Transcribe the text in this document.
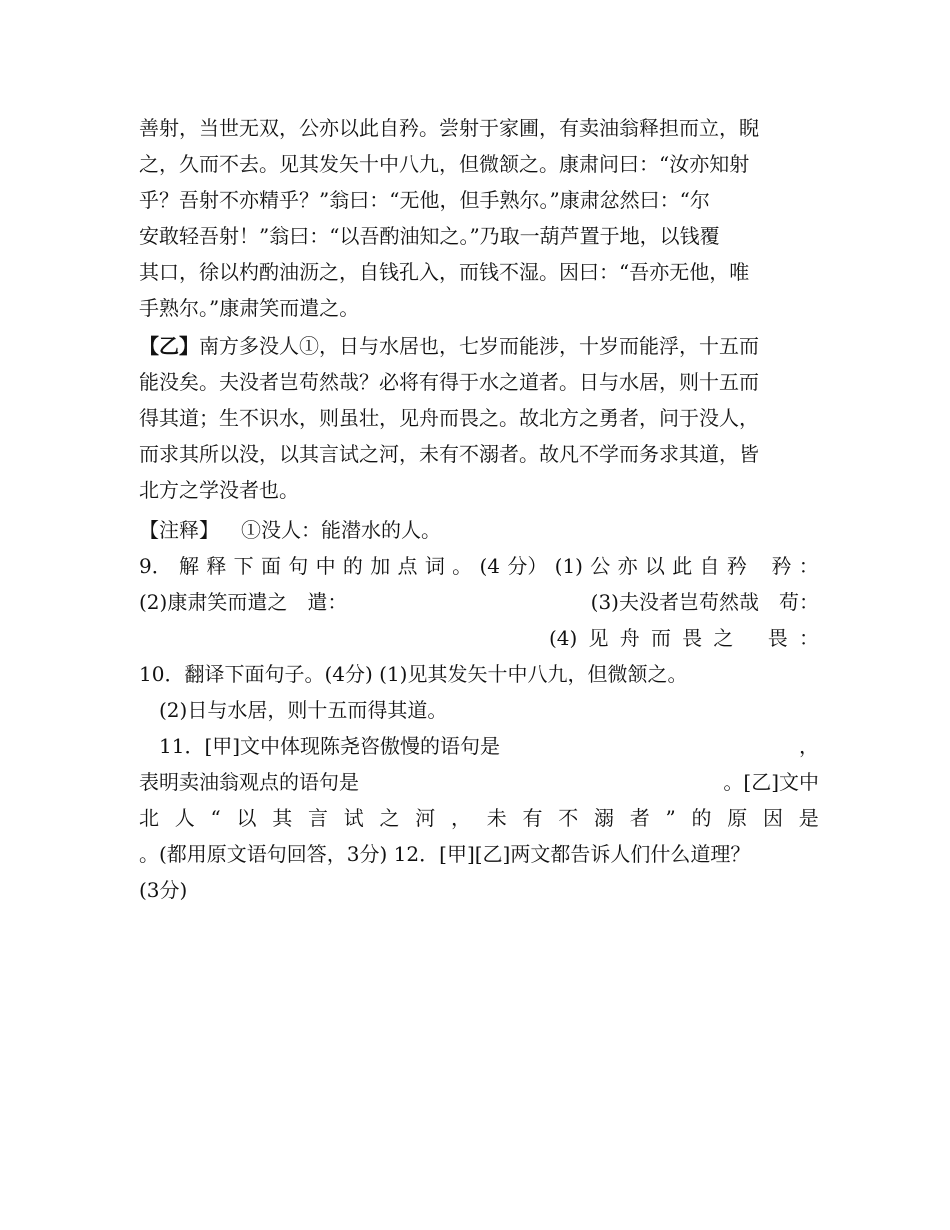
善射，当世无双，公亦以此自矜。尝射于家圃，有卖油翁释担而立，睨
之，久而不去。见其发矢十中八九，但微颔之。康肃问曰：“汝亦知射
乎？吾射不亦精乎？”翁曰：“无他，但手熟尔。”康肃忿然曰：“尔
安敢轻吾射！”翁曰：“以吾酌油知之。”乃取一葫芦置于地，以钱覆
其口，徐以杓酌油沥之，自钱孔入，而钱不湿。因曰：“吾亦无他，唯
手熟尔。”康肃笑而遣之。
【乙】南方多没人①，日与水居也，七岁而能涉，十岁而能浮，十五而
能没矣。夫没者岂苟然哉？必将有得于水之道者。日与水居，则十五而
得其道；生不识水，则虽壮，见舟而畏之。故北方之勇者，问于没人，
而求其所以没，以其言试之河，未有不溺者。故凡不学而务求其道，皆
北方之学没者也。
【注释】 ①没人：能潜水的人。
9． 解 释 下 面 句 中 的 加 点 词 。 (4 分） (1) 公 亦 以 此 自 矜 矜 ：
(2)康肃笑而遣之　遣：	(3)夫没者岂苟然哉　苟：
(4) 见 舟 而 畏 之 畏 ：
10．翻译下面句子。(4分) (1)见其发矢十中八九，但微颔之。
(2)日与水居，则十五而得其道。
11．[甲]文中体现陈尧咨傲慢的语句是	，
表明卖油翁观点的语句是	。[乙]文中
北 人 “ 以 其 言 试 之 河 ， 未 有 不 溺 者 ” 的 原 因 是
。(都用原文语句回答，3分) 12．[甲][乙]两文都告诉人们什么道理？
(3分)
